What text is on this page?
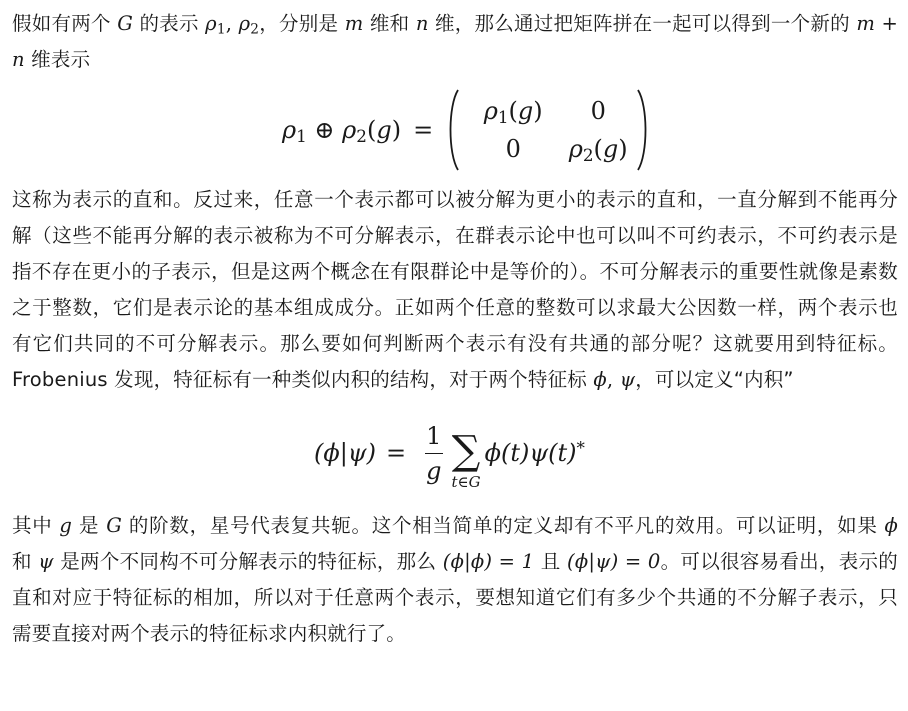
假如有两个 G 的表示 $\rho_1$, $\rho_2$，分别是 m 维和 n 维，那么通过把矩阵拼在一起可以得到一个新的 m + n 维表示

$\rho_1$ ⊕ $\rho_2(g)$ =
$\rho_1(g)$	0
0	$\rho_2(g)$

这称为表示的直和。反过来，任意一个表示都可以被分解为更小的表示的直和，一直分解到不能再分解（这些不能再分解的表示被称为不可分解表示，在群表示论中也可以叫不可约表示，不可约表示是指不存在更小的子表示，但是这两个概念在有限群论中是等价的）。不可分解表示的重要性就像是素数之于整数，它们是表示论的基本组成成分。正如两个任意的整数可以求最大公因数一样，两个表示也有它们共同的不可分解表示。那么要如何判断两个表示有没有共通的部分呢？这就要用到特征标。Frobenius 发现，特征标有一种类似内积的结构，对于两个特征标 ϕ, ψ，可以定义“内积”

$(\phi|\psi) = \frac{1}{g}$ ∑
t∈G
ϕ(t)ψ(t)*

其中 g 是 G 的阶数，星号代表复共轭。这个相当简单的定义却有不平凡的效用。可以证明，如果 ϕ 和 ψ 是两个不同构不可分解表示的特征标，那么 (ϕ|ϕ) = 1 且 (ϕ|ψ) = 0。可以很容易看出，表示的直和对应于特征标的相加，所以对于任意两个表示，要想知道它们有多少个共通的不分解子表示，只需要直接对两个表示的特征标求内积就行了。
